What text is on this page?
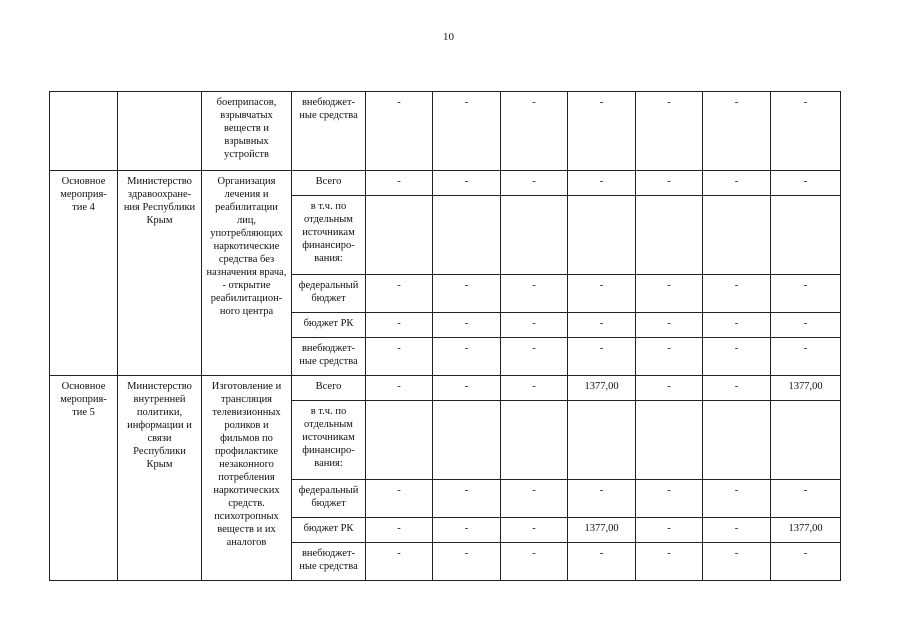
10
		боеприпасов, взрывчатых веществ и взрывных устройств	внебюджет-ные средства	-	-	-	-	-	-	-
Основное мероприя-тие 4	Министерство здравоохране-ния Республики Крым	Организация лечения и реабилитации лиц, употребляющих наркотические средства без назначения врача, - открытие реабилитацион-ного центра	Всего	-	-	-	-	-	-	-
			в т.ч. по отдельным источникам финансиро-вания:							
			федеральный бюджет	-	-	-	-	-	-	-
			бюджет РК	-	-	-	-	-	-	-
			внебюджет-ные средства	-	-	-	-	-	-	-
Основное мероприя-тие 5	Министерство внутренней политики, информации и связи Республики Крым	Изготовление и трансляция телевизионных роликов и фильмов по профилактике незаконного потребления наркотических средств. психотропных веществ и их аналогов	Всего	-	-	-	1377,00	-	-	1377,00
			в т.ч. по отдельным источникам финансиро-вания:							
			федеральный бюджет	-	-	-	-	-	-	-
			бюджет РК	-	-	-	1377,00	-	-	1377,00
			внебюджет-ные средства	-	-	-	-	-	-	-
